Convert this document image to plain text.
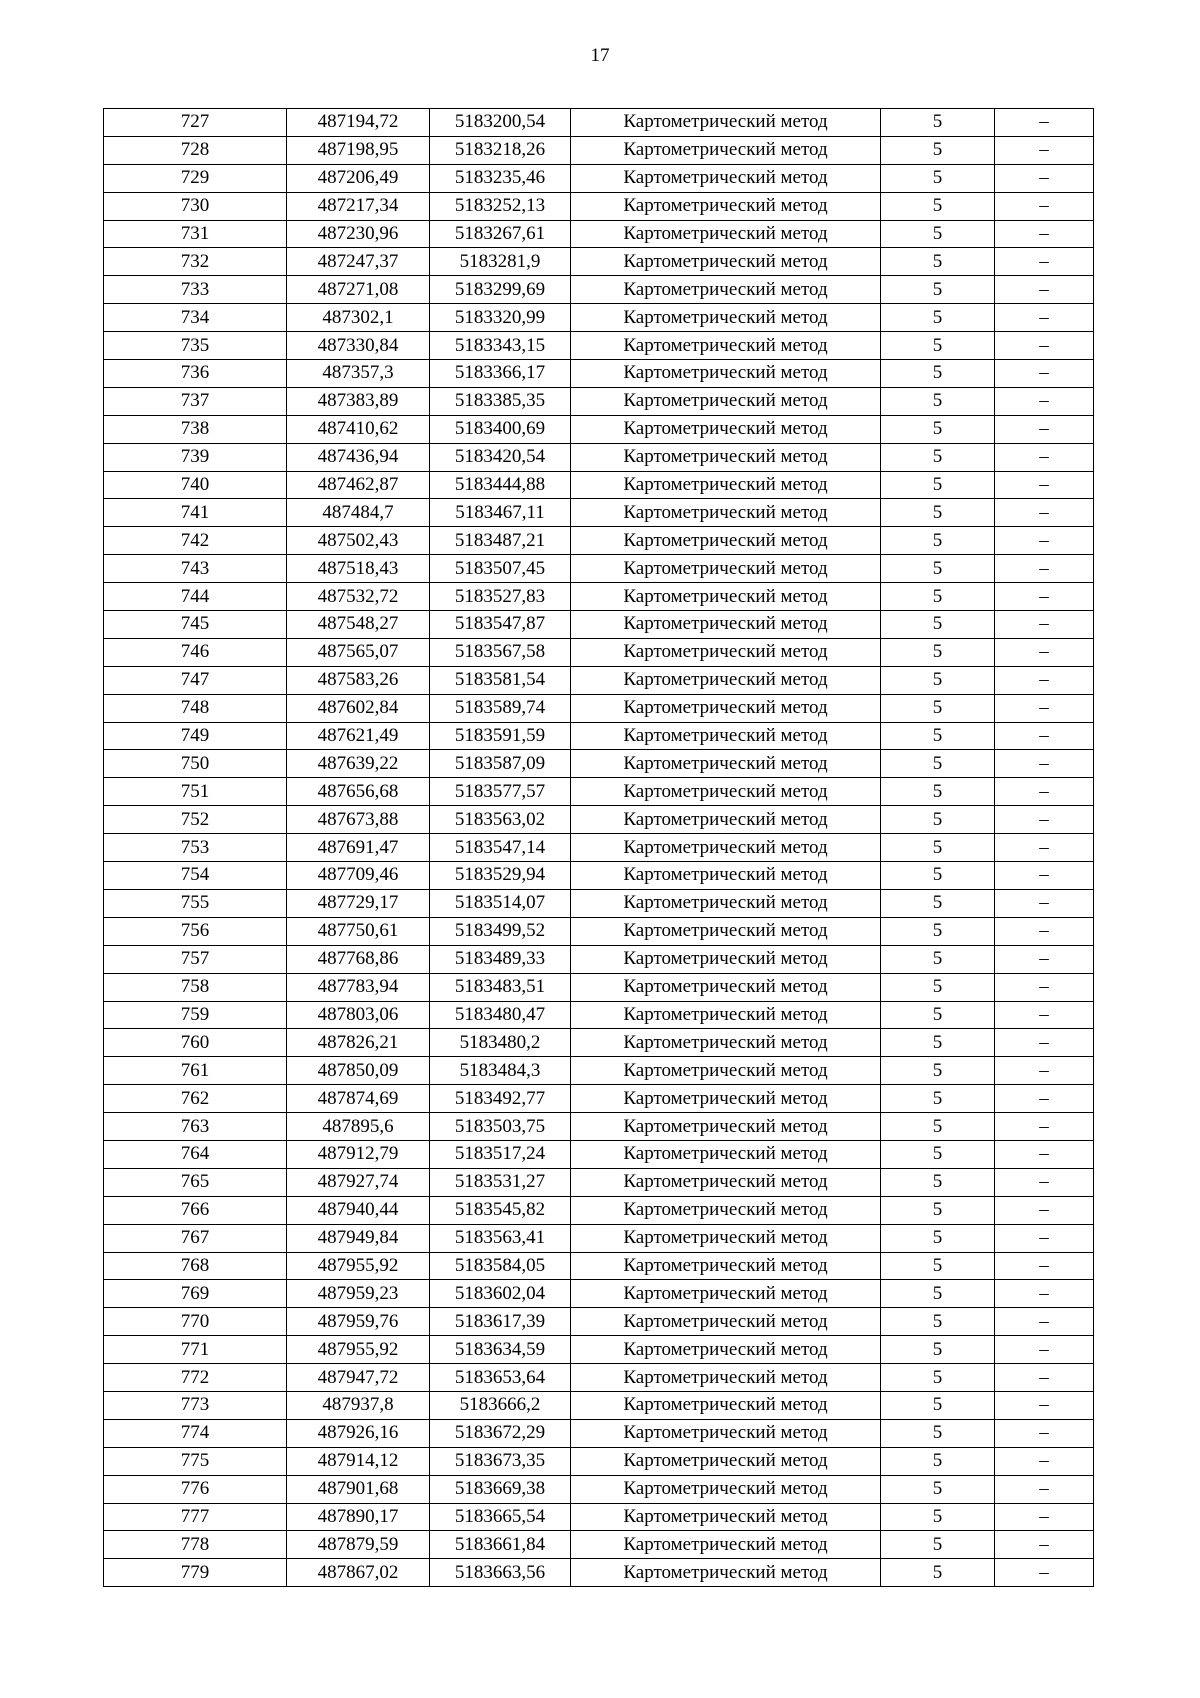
17
727	487194,72	5183200,54	Картометрический метод	5	–
728	487198,95	5183218,26	Картометрический метод	5	–
729	487206,49	5183235,46	Картометрический метод	5	–
730	487217,34	5183252,13	Картометрический метод	5	–
731	487230,96	5183267,61	Картометрический метод	5	–
732	487247,37	5183281,9	Картометрический метод	5	–
733	487271,08	5183299,69	Картометрический метод	5	–
734	487302,1	5183320,99	Картометрический метод	5	–
735	487330,84	5183343,15	Картометрический метод	5	–
736	487357,3	5183366,17	Картометрический метод	5	–
737	487383,89	5183385,35	Картометрический метод	5	–
738	487410,62	5183400,69	Картометрический метод	5	–
739	487436,94	5183420,54	Картометрический метод	5	–
740	487462,87	5183444,88	Картометрический метод	5	–
741	487484,7	5183467,11	Картометрический метод	5	–
742	487502,43	5183487,21	Картометрический метод	5	–
743	487518,43	5183507,45	Картометрический метод	5	–
744	487532,72	5183527,83	Картометрический метод	5	–
745	487548,27	5183547,87	Картометрический метод	5	–
746	487565,07	5183567,58	Картометрический метод	5	–
747	487583,26	5183581,54	Картометрический метод	5	–
748	487602,84	5183589,74	Картометрический метод	5	–
749	487621,49	5183591,59	Картометрический метод	5	–
750	487639,22	5183587,09	Картометрический метод	5	–
751	487656,68	5183577,57	Картометрический метод	5	–
752	487673,88	5183563,02	Картометрический метод	5	–
753	487691,47	5183547,14	Картометрический метод	5	–
754	487709,46	5183529,94	Картометрический метод	5	–
755	487729,17	5183514,07	Картометрический метод	5	–
756	487750,61	5183499,52	Картометрический метод	5	–
757	487768,86	5183489,33	Картометрический метод	5	–
758	487783,94	5183483,51	Картометрический метод	5	–
759	487803,06	5183480,47	Картометрический метод	5	–
760	487826,21	5183480,2	Картометрический метод	5	–
761	487850,09	5183484,3	Картометрический метод	5	–
762	487874,69	5183492,77	Картометрический метод	5	–
763	487895,6	5183503,75	Картометрический метод	5	–
764	487912,79	5183517,24	Картометрический метод	5	–
765	487927,74	5183531,27	Картометрический метод	5	–
766	487940,44	5183545,82	Картометрический метод	5	–
767	487949,84	5183563,41	Картометрический метод	5	–
768	487955,92	5183584,05	Картометрический метод	5	–
769	487959,23	5183602,04	Картометрический метод	5	–
770	487959,76	5183617,39	Картометрический метод	5	–
771	487955,92	5183634,59	Картометрический метод	5	–
772	487947,72	5183653,64	Картометрический метод	5	–
773	487937,8	5183666,2	Картометрический метод	5	–
774	487926,16	5183672,29	Картометрический метод	5	–
775	487914,12	5183673,35	Картометрический метод	5	–
776	487901,68	5183669,38	Картометрический метод	5	–
777	487890,17	5183665,54	Картометрический метод	5	–
778	487879,59	5183661,84	Картометрический метод	5	–
779	487867,02	5183663,56	Картометрический метод	5	–
